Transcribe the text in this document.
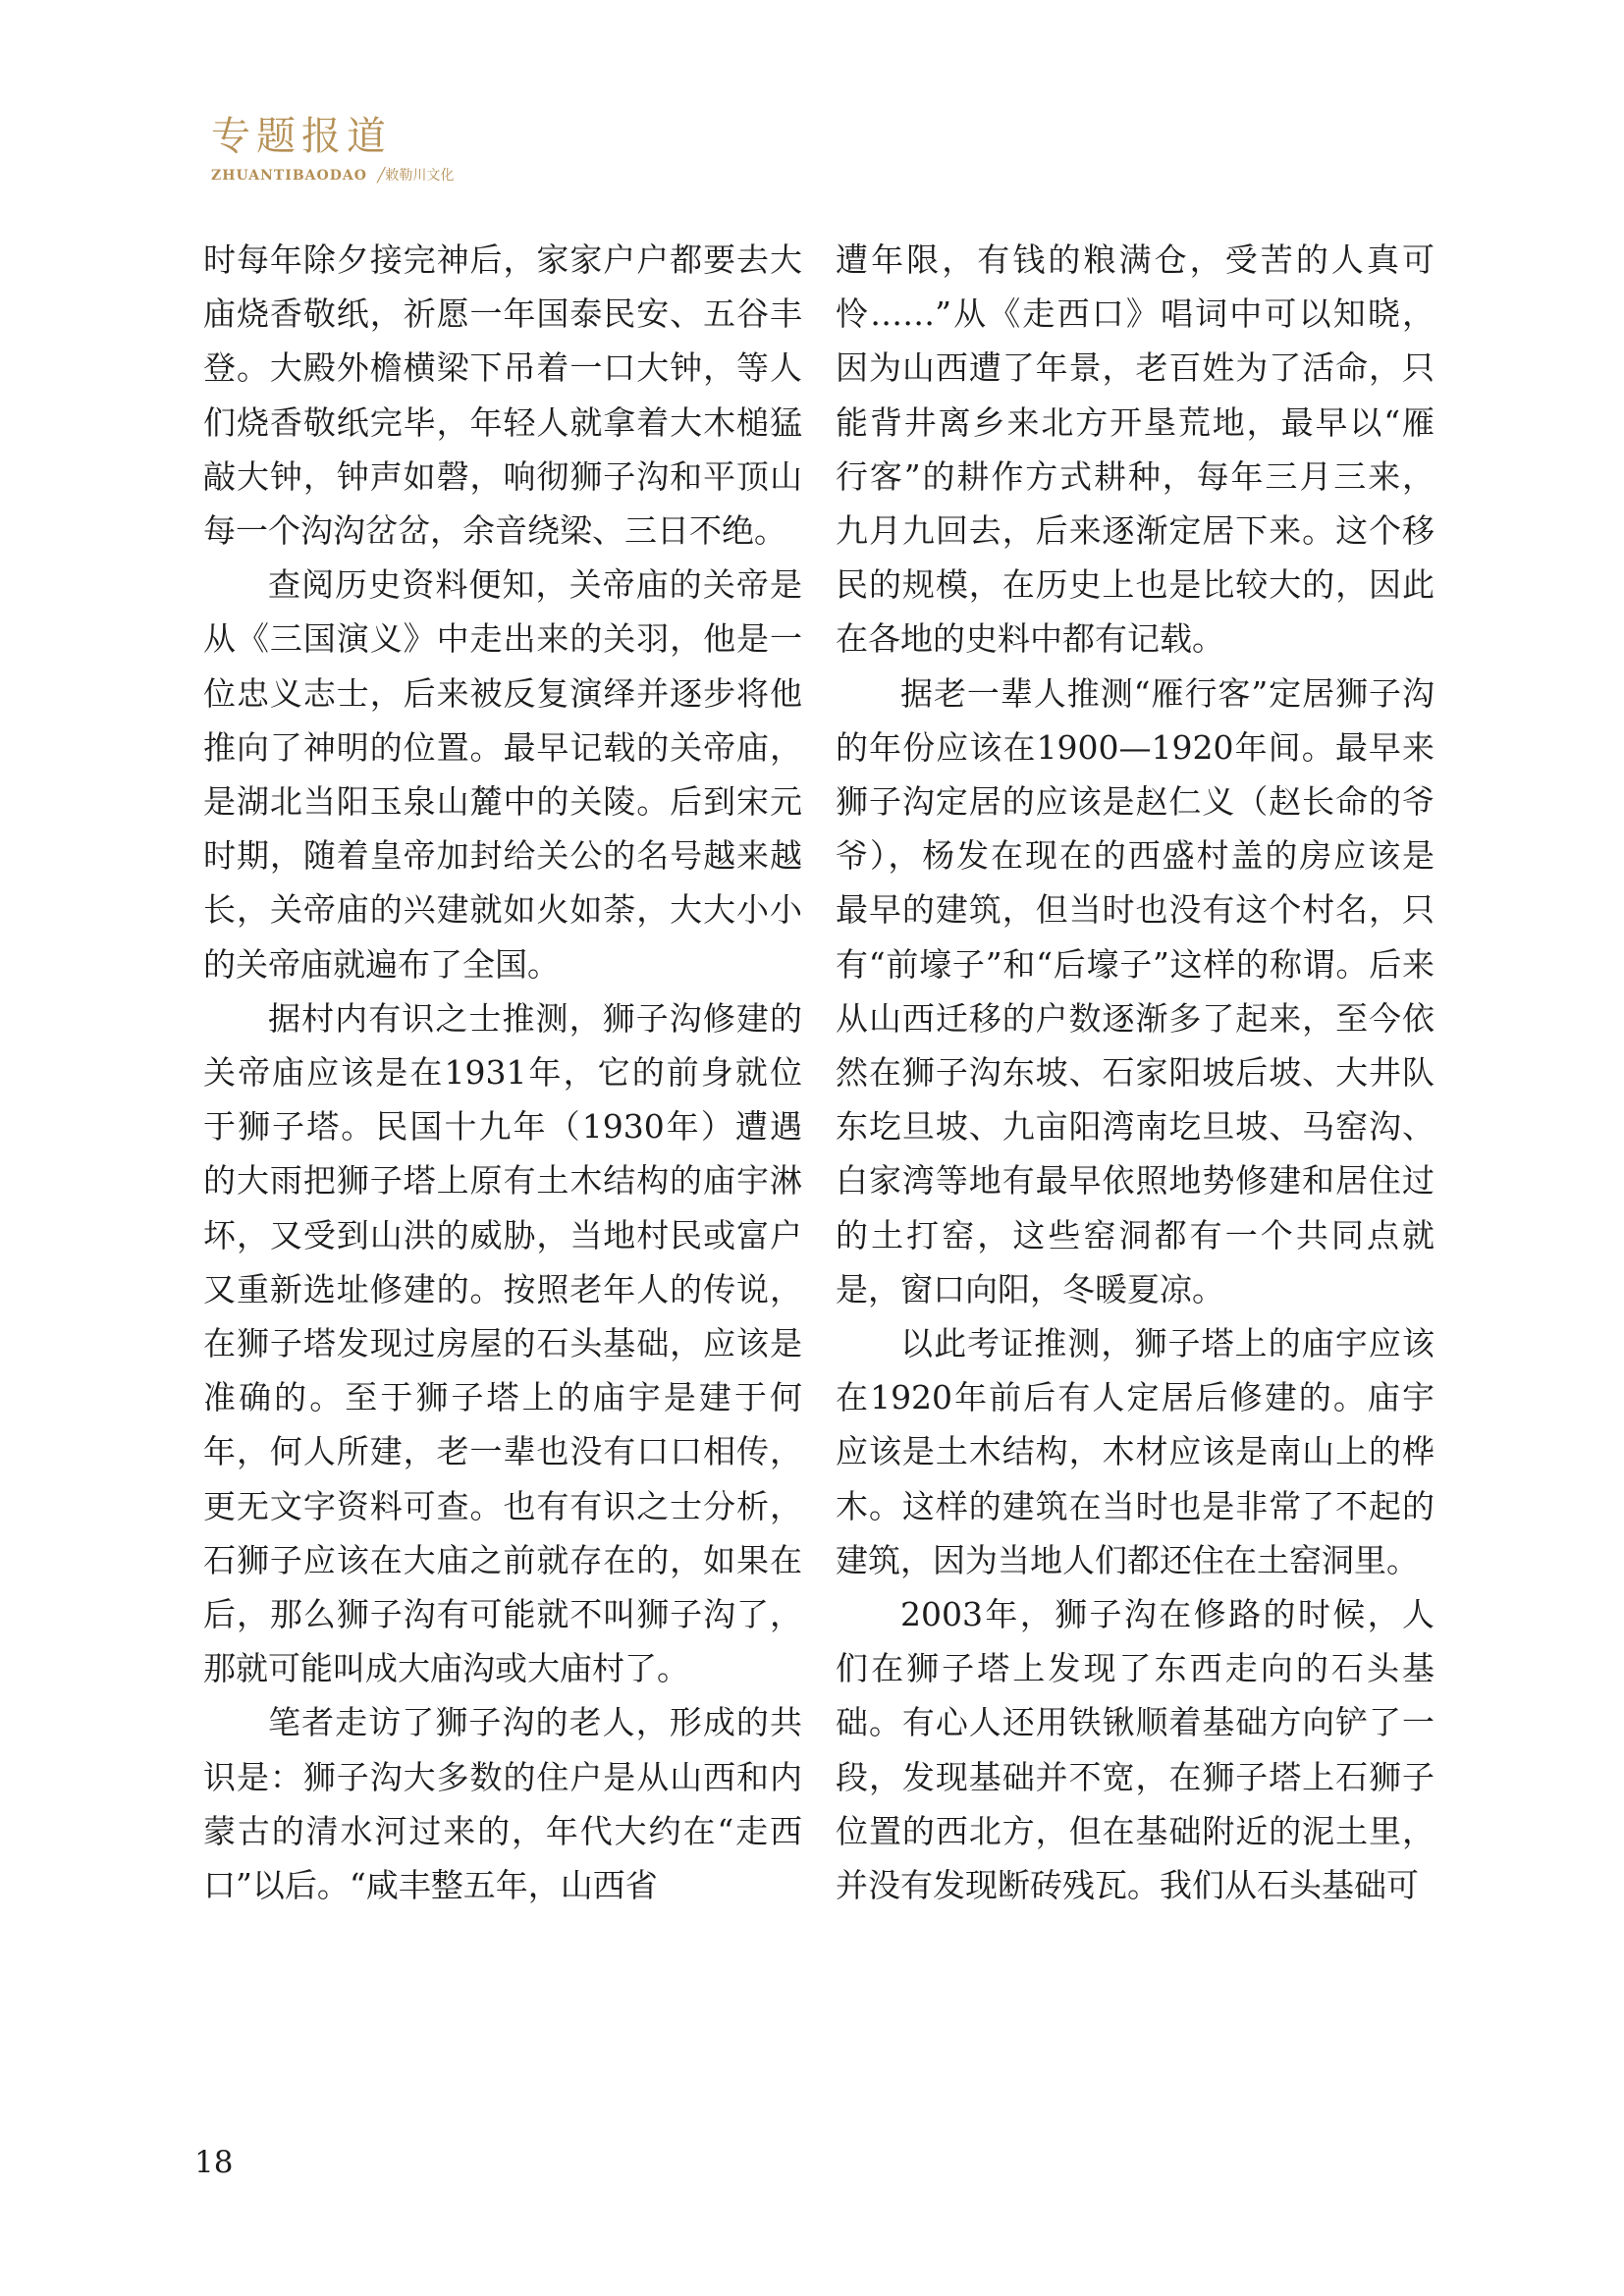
专题报道
ZHUANTIBAODAO ╱敕勒川文化

时每年除夕接完神后，家家户户都要去大庙烧香敬纸，祈愿一年国泰民安、五谷丰登。大殿外檐横梁下吊着一口大钟，等人们烧香敬纸完毕，年轻人就拿着大木槌猛敲大钟，钟声如磬，响彻狮子沟和平顶山每一个沟沟岔岔，余音绕梁、三日不绝。

查阅历史资料便知，关帝庙的关帝是从《三国演义》中走出来的关羽，他是一位忠义志士，后来被反复演绎并逐步将他推向了神明的位置。最早记载的关帝庙，是湖北当阳玉泉山麓中的关陵。后到宋元时期，随着皇帝加封给关公的名号越来越长，关帝庙的兴建就如火如荼，大大小小的关帝庙就遍布了全国。

据村内有识之士推测，狮子沟修建的关帝庙应该是在1931年，它的前身就位于狮子塔。民国十九年（1930年）遭遇的大雨把狮子塔上原有土木结构的庙宇淋坏，又受到山洪的威胁，当地村民或富户又重新选址修建的。按照老年人的传说，在狮子塔发现过房屋的石头基础，应该是准确的。至于狮子塔上的庙宇是建于何年，何人所建，老一辈也没有口口相传，更无文字资料可查。也有有识之士分析，石狮子应该在大庙之前就存在的，如果在后，那么狮子沟有可能就不叫狮子沟了，那就可能叫成大庙沟或大庙村了。

笔者走访了狮子沟的老人，形成的共识是：狮子沟大多数的住户是从山西和内蒙古的清水河过来的，年代大约在“走西口”以后。“咸丰整五年，山西省

遭年限，有钱的粮满仓，受苦的人真可怜……”从《走西口》唱词中可以知晓，因为山西遭了年景，老百姓为了活命，只能背井离乡来北方开垦荒地，最早以“雁行客”的耕作方式耕种，每年三月三来，九月九回去，后来逐渐定居下来。这个移民的规模，在历史上也是比较大的，因此在各地的史料中都有记载。

据老一辈人推测“雁行客”定居狮子沟的年份应该在1900—1920年间。最早来狮子沟定居的应该是赵仁义（赵长命的爷爷），杨发在现在的西盛村盖的房应该是最早的建筑，但当时也没有这个村名，只有“前壕子”和“后壕子”这样的称谓。后来从山西迁移的户数逐渐多了起来，至今依然在狮子沟东坡、石家阳坡后坡、大井队东圪旦坡、九亩阳湾南圪旦坡、马窑沟、白家湾等地有最早依照地势修建和居住过的土打窑，这些窑洞都有一个共同点就是，窗口向阳，冬暖夏凉。

以此考证推测，狮子塔上的庙宇应该在1920年前后有人定居后修建的。庙宇应该是土木结构，木材应该是南山上的桦木。这样的建筑在当时也是非常了不起的建筑，因为当地人们都还住在土窑洞里。

2003年，狮子沟在修路的时候，人们在狮子塔上发现了东西走向的石头基础。有心人还用铁锹顺着基础方向铲了一段，发现基础并不宽，在狮子塔上石狮子位置的西北方，但在基础附近的泥土里，并没有发现断砖残瓦。我们从石头基础可

18
